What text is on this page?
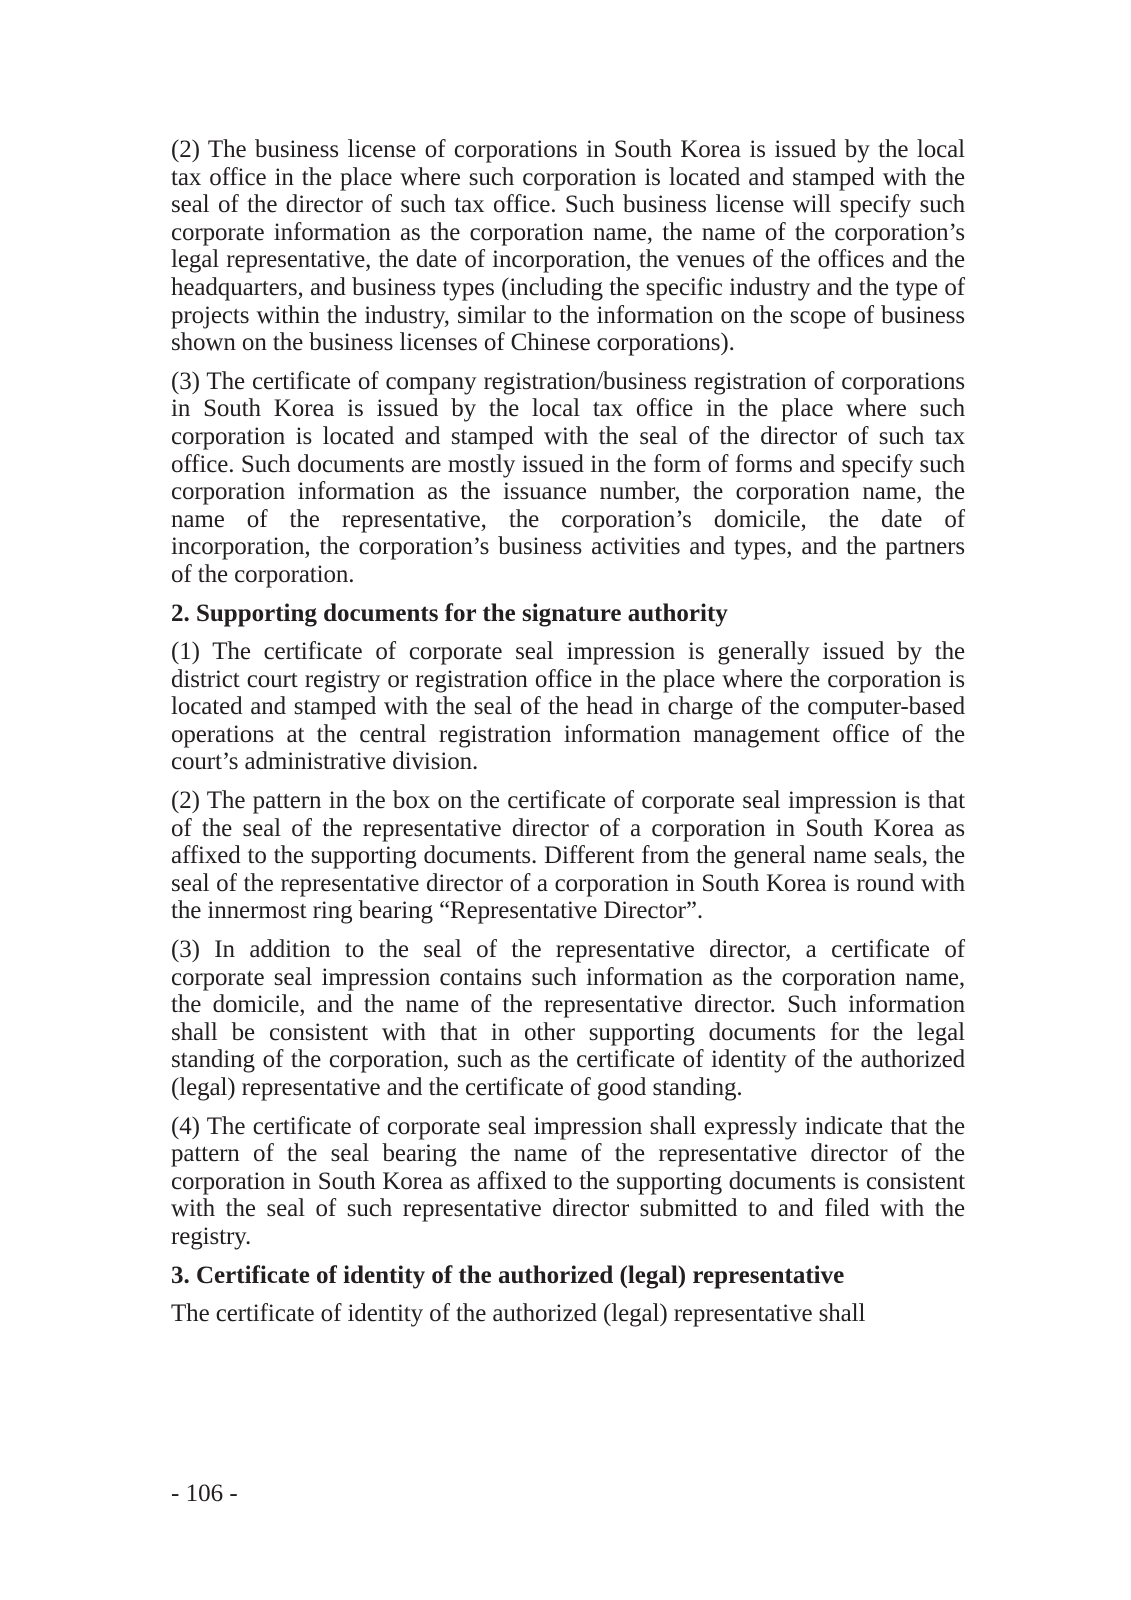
(2) The business license of corporations in South Korea is issued by the local tax office in the place where such corporation is located and stamped with the seal of the director of such tax office. Such business license will specify such corporate information as the corporation name, the name of the corporation’s legal representative, the date of incorporation, the venues of the offices and the headquarters, and business types (including the specific industry and the type of projects within the industry, similar to the information on the scope of business shown on the business licenses of Chinese corporations).

(3) The certificate of company registration/business registration of corporations in South Korea is issued by the local tax office in the place where such corporation is located and stamped with the seal of the director of such tax office. Such documents are mostly issued in the form of forms and specify such corporation information as the issuance number, the corporation name, the name of the representative, the corporation’s domicile, the date of incorporation, the corporation’s business activities and types, and the partners of the corporation.

2. Supporting documents for the signature authority

(1) The certificate of corporate seal impression is generally issued by the district court registry or registration office in the place where the corporation is located and stamped with the seal of the head in charge of the computer-based operations at the central registration information management office of the court’s administrative division.

(2) The pattern in the box on the certificate of corporate seal impression is that of the seal of the representative director of a corporation in South Korea as affixed to the supporting documents. Different from the general name seals, the seal of the representative director of a corporation in South Korea is round with the innermost ring bearing “Representative Director”.

(3) In addition to the seal of the representative director, a certificate of corporate seal impression contains such information as the corporation name, the domicile, and the name of the representative director. Such information shall be consistent with that in other supporting documents for the legal standing of the corporation, such as the certificate of identity of the authorized (legal) representative and the certificate of good standing.

(4) The certificate of corporate seal impression shall expressly indicate that the pattern of the seal bearing the name of the representative director of the corporation in South Korea as affixed to the supporting documents is consistent with the seal of such representative director submitted to and filed with the registry.

3. Certificate of identity of the authorized (legal) representative

The certificate of identity of the authorized (legal) representative shall

- 106 -
